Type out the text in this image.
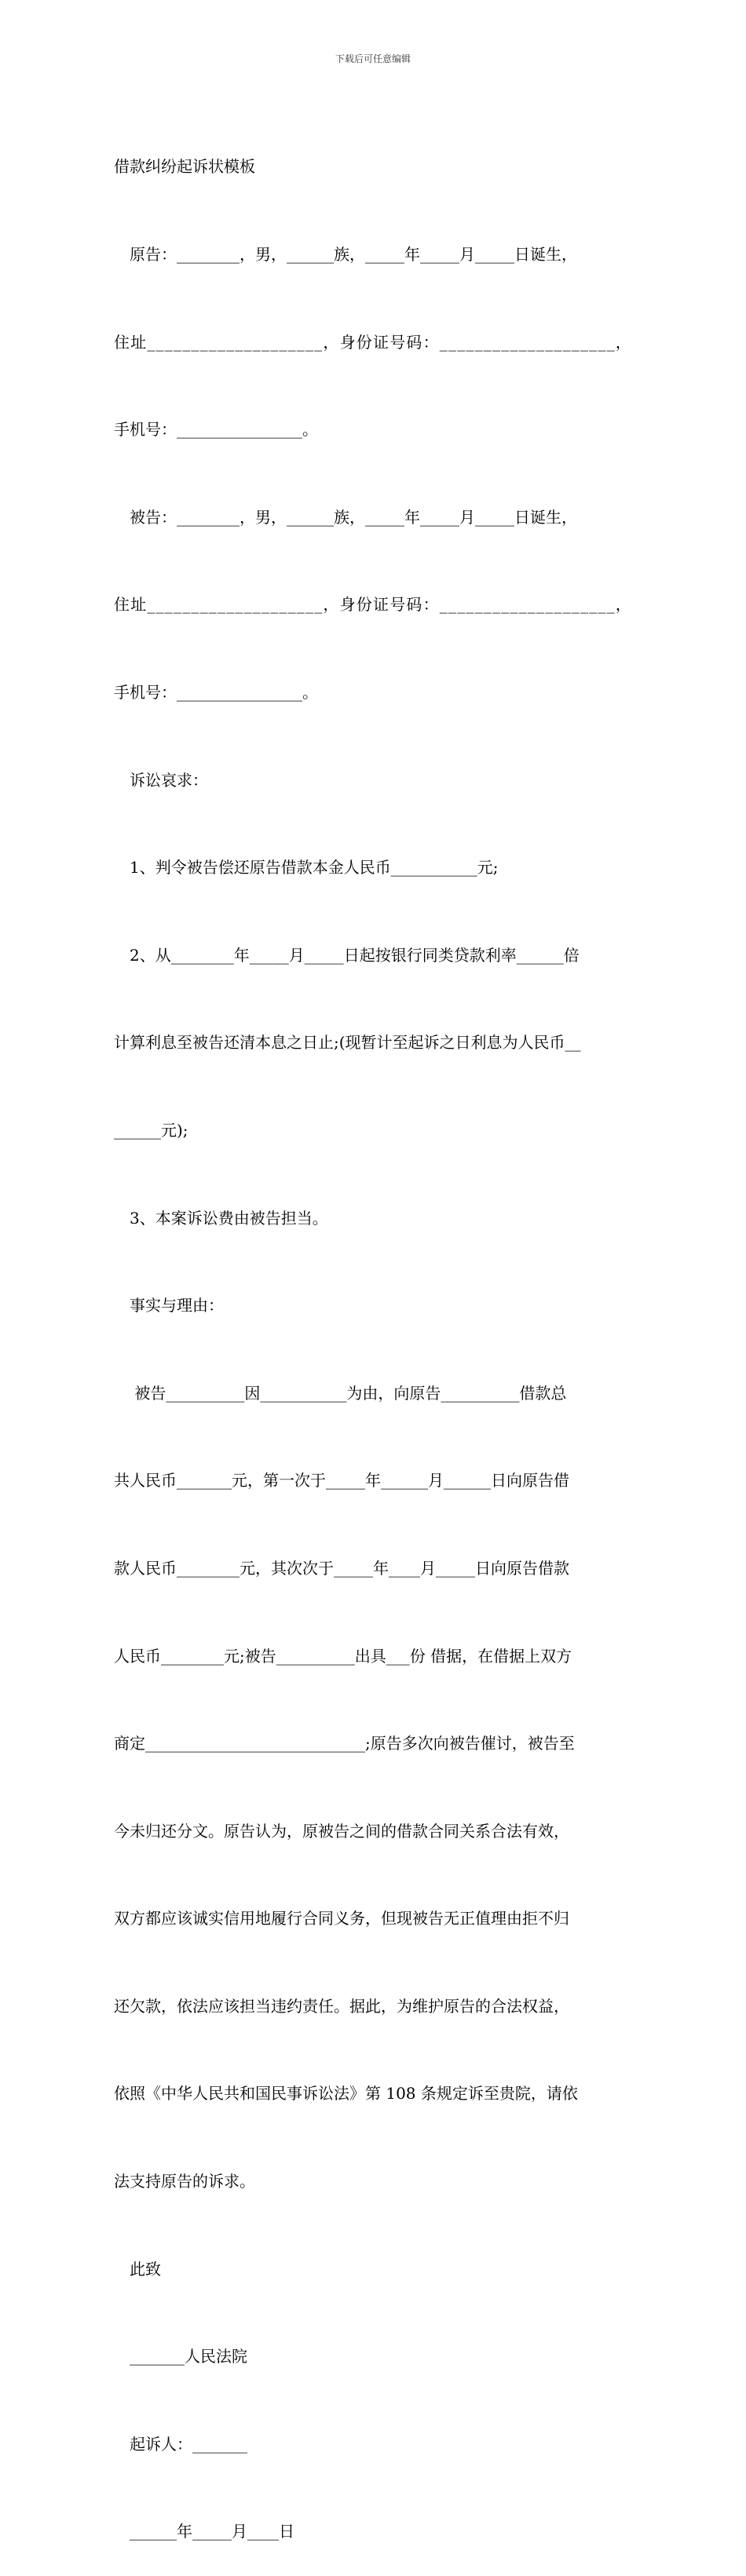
下载后可任意编辑

借款纠纷起诉状模板

原告：________，男，______族，_____年_____月_____日诞生，

住址____________________，身份证号码：____________________，

手机号：________________。

被告：________，男，______族，_____年_____月_____日诞生，

住址____________________，身份证号码：____________________，

手机号：________________。

诉讼哀求：

1、判令被告偿还原告借款本金人民币___________元;

2、从________年_____月_____日起按银行同类贷款利率______倍

计算利息至被告还清本息之日止;(现暂计至起诉之日利息为人民币__

______元);

3、本案诉讼费由被告担当。

事实与理由：

被告__________因___________为由，向原告__________借款总

共人民币_______元，第一次于_____年______月______日向原告借

款人民币________元，其次次于_____年____月_____日向原告借款

人民币________元;被告__________出具___份 借据，在借据上双方

商定____________________________;原告多次向被告催讨，被告至

今未归还分文。原告认为，原被告之间的借款合同关系合法有效，

双方都应该诚实信用地履行合同义务，但现被告无正值理由拒不归

还欠款，依法应该担当违约责任。据此，为维护原告的合法权益，

依照《中华人民共和国民事诉讼法》第 108 条规定诉至贵院，请依

法支持原告的诉求。

此致

_______人民法院

起诉人：_______

______年_____月____日
